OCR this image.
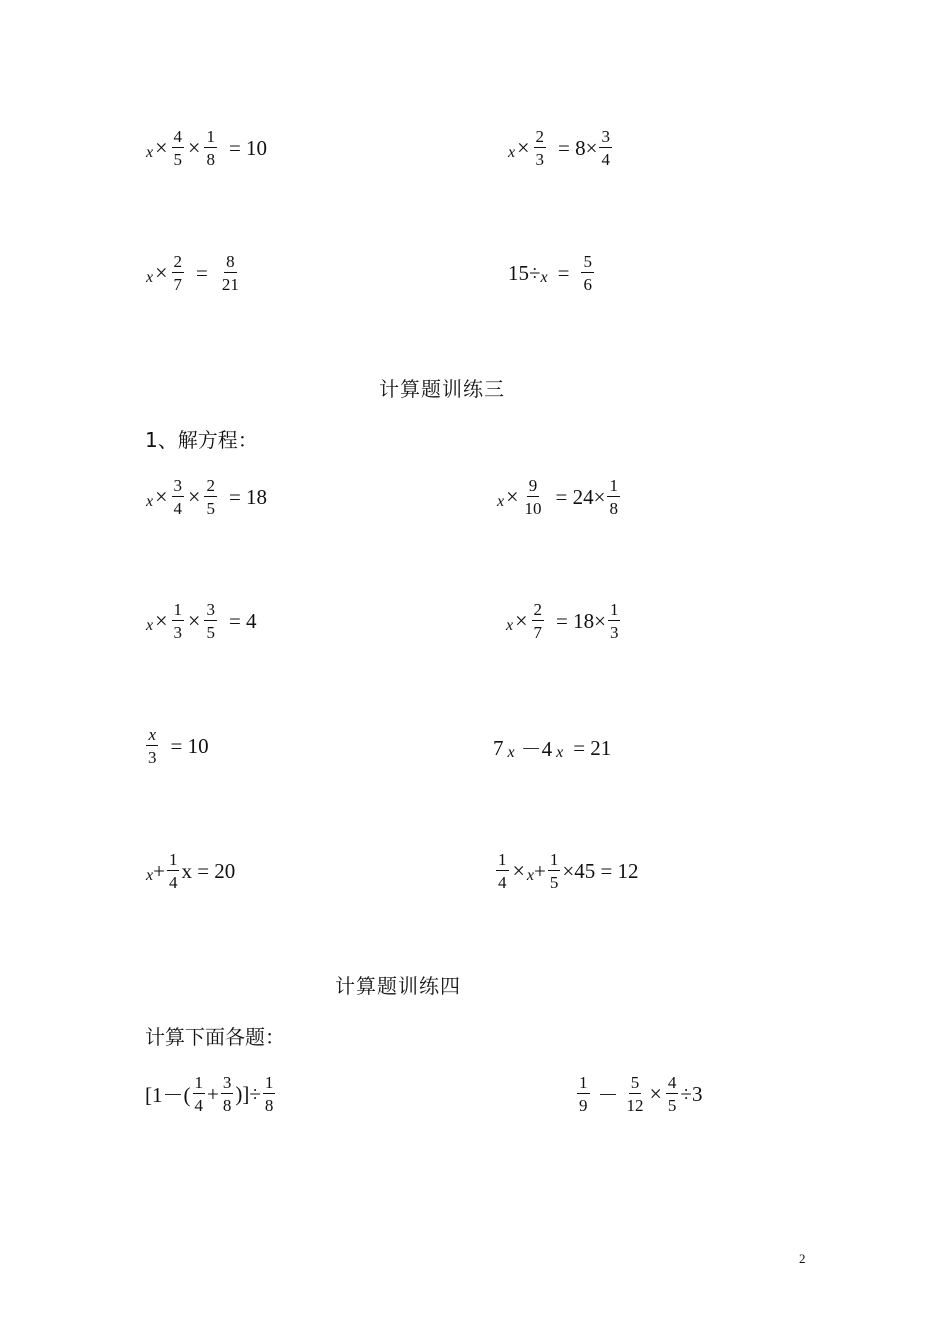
$x \times \frac{4}{5} \times \frac{1}{8} = 10$	$x \times \frac{2}{3} = 8\times \frac{3}{4}$
$x \times \frac{2}{7} = \frac{8}{21}$	$15\div x = \frac{5}{6}$
计算题训练三
1、解方程：
$x \times \frac{3}{4} \times \frac{2}{5} = 18$	$x \times \frac{9}{10} = 24\times \frac{1}{8}$
$x \times \frac{1}{3} \times \frac{3}{5} = 4$	$x \times \frac{2}{7} = 18\times \frac{1}{3}$
$\frac{x}{3} = 10$	7 x －4 x = 21
$x + \frac{1}{4}$ x = 20	$\frac{1}{4} \times x + \frac{1}{5} \times 45 = 12$
计算题训练四
计算下面各题：
[$1-( \frac{1}{4} + \frac{3}{8}$ )]÷ $\frac{1}{8}$	$\frac{1}{9} - \frac{5}{12} \times \frac{4}{5} \div 3$
2
